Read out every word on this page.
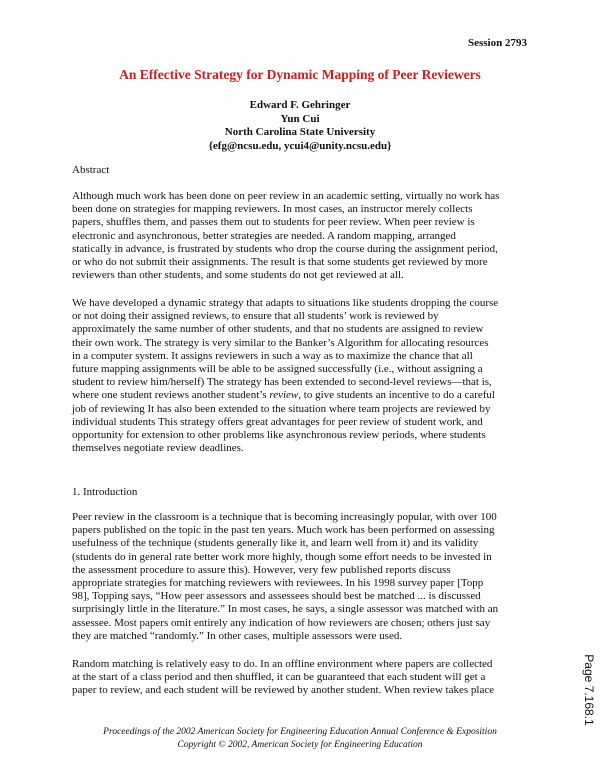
Session 2793
An Effective Strategy for Dynamic Mapping of Peer Reviewers
Edward F. Gehringer
Yun Cui
North Carolina State University
{efg@ncsu.edu, ycui4@unity.ncsu.edu}
Abstract
Although much work has been done on peer review in an academic setting, virtually no work has
been done on strategies for mapping reviewers. In most cases, an instructor merely collects
papers, shuffles them, and passes them out to students for peer review. When peer review is
electronic and asynchronous, better strategies are needed. A random mapping, arranged
statically in advance, is frustrated by students who drop the course during the assignment period,
or who do not submit their assignments. The result is that some students get reviewed by more
reviewers than other students, and some students do not get reviewed at all.
We have developed a dynamic strategy that adapts to situations like students dropping the course
or not doing their assigned reviews, to ensure that all students’ work is reviewed by
approximately the same number of other students, and that no students are assigned to review
their own work. The strategy is very similar to the Banker’s Algorithm for allocating resources
in a computer system. It assigns reviewers in such a way as to maximize the chance that all
future mapping assignments will be able to be assigned successfully (i.e., without assigning a
student to review him/herself) The strategy has been extended to second-level reviews—that is,
where one student reviews another student’s review, to give students an incentive to do a careful
job of reviewing It has also been extended to the situation where team projects are reviewed by
individual students This strategy offers great advantages for peer review of student work, and
opportunity for extension to other problems like asynchronous review periods, where students
themselves negotiate review deadlines.
1. Introduction
Peer review in the classroom is a technique that is becoming increasingly popular, with over 100
papers published on the topic in the past ten years. Much work has been performed on assessing
usefulness of the technique (students generally like it, and learn well from it) and its validity
(students do in general rate better work more highly, though some effort needs to be invested in
the assessment procedure to assure this). However, very few published reports discuss
appropriate strategies for matching reviewers with reviewees. In his 1998 survey paper [Topp
98], Topping says, “How peer assessors and assessees should best be matched ... is discussed
surprisingly little in the literature.” In most cases, he says, a single assessor was matched with an
assessee. Most papers omit entirely any indication of how reviewers are chosen; others just say
they are matched “randomly.” In other cases, multiple assessors were used.
Random matching is relatively easy to do. In an offline environment where papers are collected
at the start of a class period and then shuffled, it can be guaranteed that each student will get a
paper to review, and each student will be reviewed by another student. When review takes place
Proceedings of the 2002 American Society for Engineering Education Annual Conference & Exposition
Copyright © 2002, American Society for Engineering Education
Page 7.168.1
